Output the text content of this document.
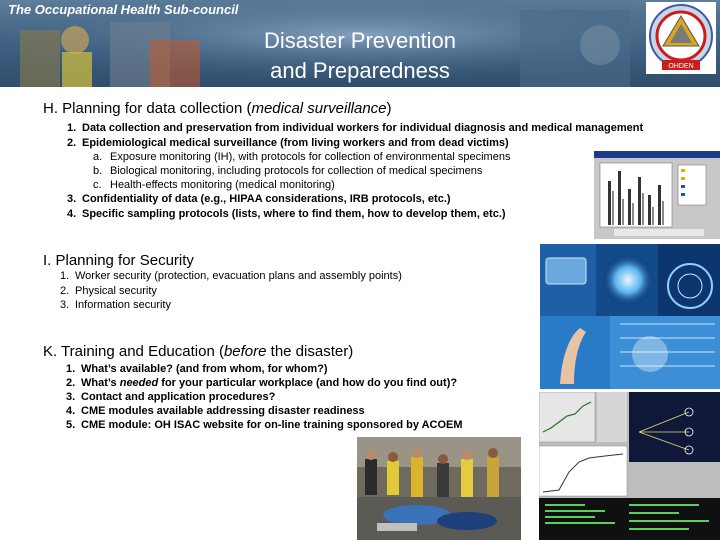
The Occupational Health Sub-council
Disaster Prevention
and Preparedness	OHDEN
H. Planning for data collection (medical surveillance)
1. Data collection and preservation from individual workers for individual diagnosis and medical management
2. Epidemiological medical surveillance (from living workers and from dead victims)
3. Confidentiality of data (e.g., HIPAA considerations, IRB protocols, etc.)
4. Specific sampling protocols (lists, where to find them, how to develop them, etc.)
a. Exposure monitoring (IH), with protocols for collection of environmental specimens
b. Biological monitoring, including protocols for collection of medical specimens
c. Health-effects monitoring (medical monitoring)
I. Planning for Security
1. Worker security (protection, evacuation plans and assembly points)
2. Physical security
3. Information security
K. Training and Education (before the disaster)
1. What’s available? (and from whom, for whom?)
2. What’s needed for your particular workplace (and how do you find out)?
3. Contact and application procedures?
4. CME modules available addressing disaster readiness
5. CME module: OH ISAC website for on-line training sponsored by ACOEM
